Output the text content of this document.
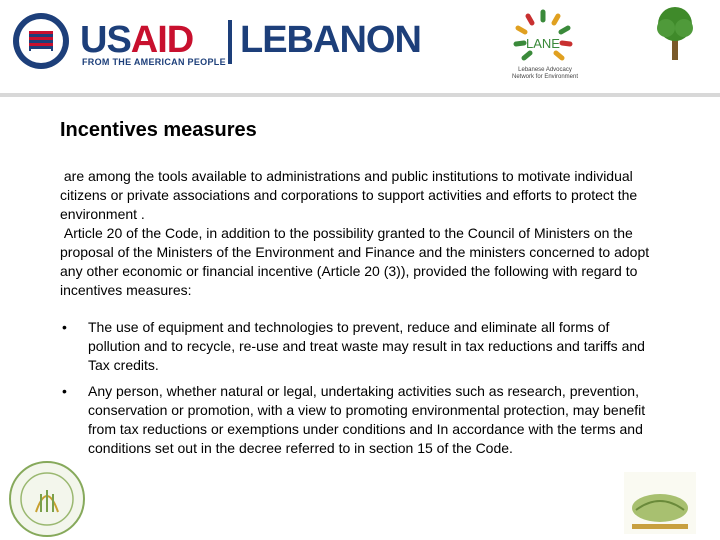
USAID LEBANON
FROM THE AMERICAN PEOPLE
LANE
Lebanese Advocacy Network for Environment
Incentives measures

are among the tools available to administrations and public institutions to motivate individual citizens or private associations and corporations to support activities and efforts to protect the environment .

Article 20 of the Code, in addition to the possibility granted to the Council of Ministers on the proposal of the Ministers of the Environment and Finance and the ministers concerned to adopt any other economic or financial incentive (Article 20 (3)), provided the following with regard to incentives measures:

• The use of equipment and technologies to prevent, reduce and eliminate all forms of pollution and to recycle, re-use and treat waste may result in tax reductions and tariffs and Tax credits.
• Any person, whether natural or legal, undertaking activities such as research, prevention, conservation or promotion, with a view to promoting environmental protection, may benefit from tax reductions or exemptions under conditions and In accordance with the terms and conditions set out in the decree referred to in section 15 of the Code.
